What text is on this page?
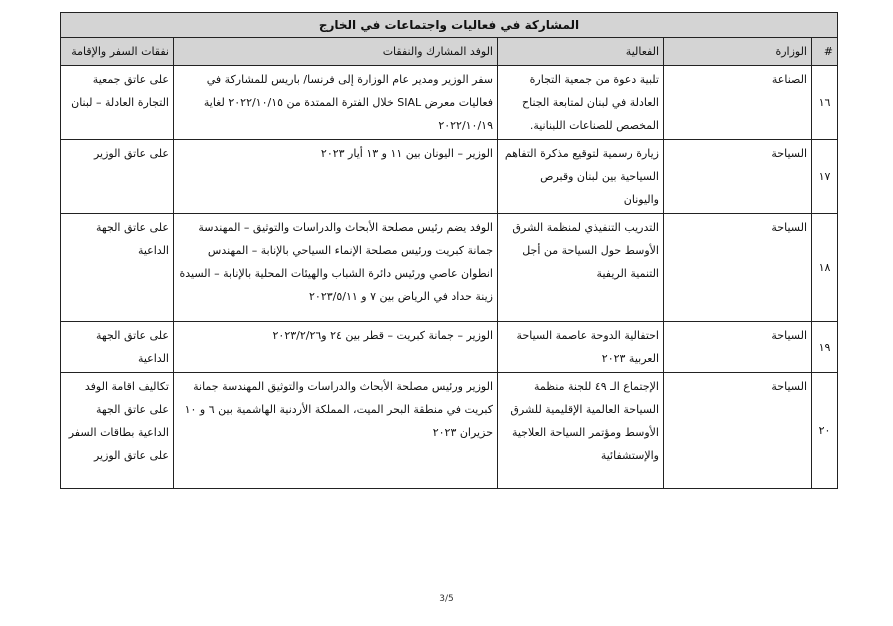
المشاركة في فعاليات واجتماعات في الخارج				
#	الوزارة	الفعالية	الوفد المشارك والنفقات	نفقات السفر والإقامة
١٦	الصناعة	تلبية دعوة من جمعية التجارة العادلة في لبنان لمتابعة الجناح المخصص للصناعات اللبنانية.	سفر الوزير ومدير عام الوزارة إلى فرنسا/ باريس للمشاركة في فعاليات معرض SIAL خلال الفترة الممتدة من ٢٠٢٢/١٠/١٥ لغاية ٢٠٢٢/١٠/١٩	على عاتق جمعية التجارة العادلة – لبنان
١٧	السياحة	زيارة رسمية لتوقيع مذكرة التفاهم السياحية بين لبنان وقبرص واليونان	الوزير – اليونان بين ١١ و ١٣ أيار ٢٠٢٣	على عاتق الوزير
١٨	السياحة	التدريب التنفيذي لمنظمة الشرق الأوسط حول السياحة من أجل التنمية الريفية	الوفد يضم رئيس مصلحة الأبحاث والدراسات والتوثيق – المهندسة جمانة كبريت ورئيس مصلحة الإنماء السياحي بالإنابة – المهندس انطوان عاصي ورئيس دائرة الشباب والهيئات المحلية بالإنابة – السيدة زينة حداد في الرياض بين ٧ و ٢٠٢٣/٥/١١	على عاتق الجهة الداعية
١٩	السياحة	احتفالية الدوحة عاصمة السياحة العربية ٢٠٢٣	الوزير – جمانة كبريت – قطر بين ٢٤ و٢٠٢٣/٢/٢٦	على عاتق الجهة الداعية
٢٠	السياحة	الإجتماع الـ ٤٩ للجنة منظمة السياحة العالمية الإقليمية للشرق الأوسط ومؤتمر السياحة العلاجية والإستشفائية	الوزير ورئيس مصلحة الأبحاث والدراسات والتوثيق المهندسة جمانة كبريت في منطقة البحر الميت، المملكة الأردنية الهاشمية بين ٦ و ١٠ حزيران ٢٠٢٣	تكاليف اقامة الوفد على عاتق الجهة الداعية بطاقات السفر على عاتق الوزير
3/5
